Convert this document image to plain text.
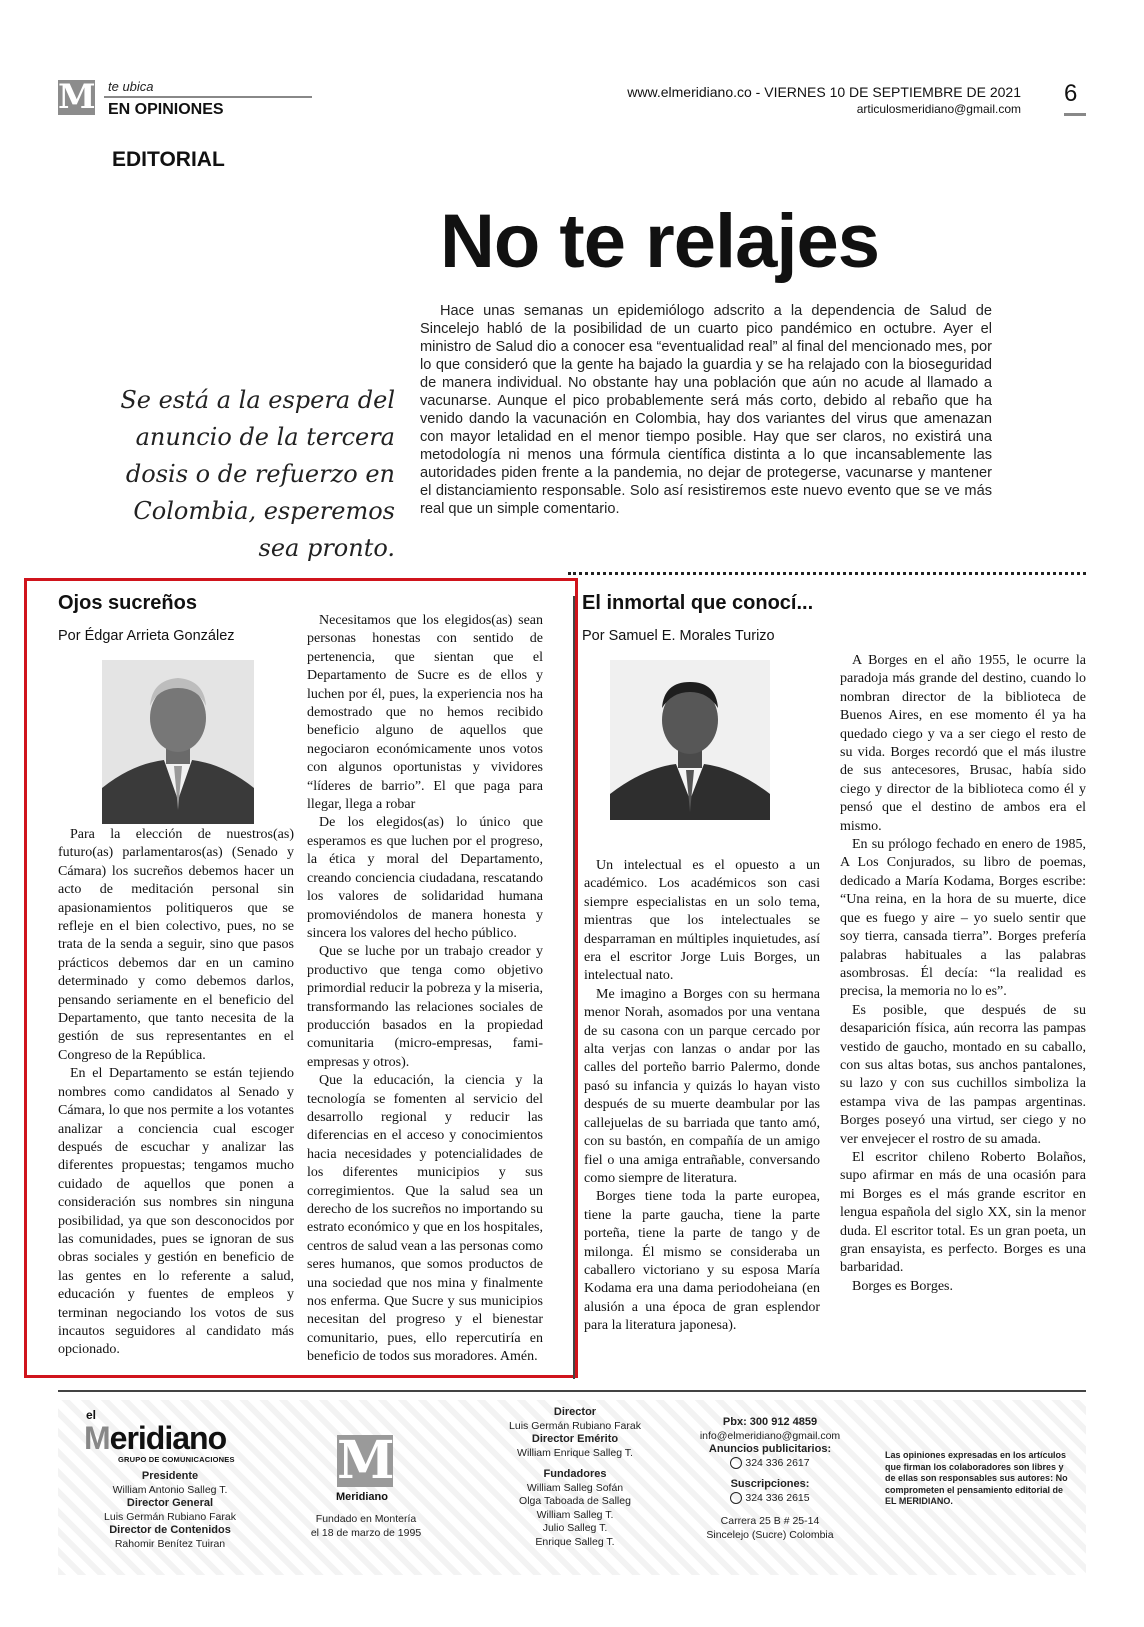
M te ubica
EN OPINIONES
www.elmeridiano.co - VIERNES 10 DE SEPTIEMBRE DE 2021
articulosmeridiano@gmail.com
6
EDITORIAL
No te relajes
Hace unas semanas un epidemiólogo adscrito a la dependencia de Salud de Sincelejo habló de la posibilidad de un cuarto pico pandémico en octubre. Ayer el ministro de Salud dio a conocer esa “eventualidad real” al final del mencionado mes, por lo que consideró que la gente ha bajado la guardia y se ha relajado con la bioseguridad de manera individual. No obstante hay una población que aún no acude al llamado a vacunarse. Aunque el pico probablemente será más corto, debido al rebaño que ha venido dando la vacunación en Colombia, hay dos variantes del virus que amenazan con mayor letalidad en el menor tiempo posible. Hay que ser claros, no existirá una metodología ni menos una fórmula científica distinta a lo que incansablemente las autoridades piden frente a la pandemia, no dejar de protegerse, vacunarse y mantener el distanciamiento responsable. Solo así resistiremos este nuevo evento que se ve más real que un simple comentario.
Se está a la espera del anuncio de la tercera dosis o de refuerzo en Colombia, esperemos sea pronto.
Ojos sucreños
Por Édgar Arrieta González

Para la elección de nuestros(as) futuro(as) parlamentaros(as) (Senado y Cámara) los sucreños debemos hacer un acto de meditación personal sin apasionamientos politiqueros que se refleje en el bien colectivo, pues, no se trata de la senda a seguir, sino que pasos prácticos debemos dar en un camino determinado y como debemos darlos, pensando seriamente en el beneficio del Departamento, que tanto necesita de la gestión de sus representantes en el Congreso de la República.

En el Departamento se están tejiendo nombres como candidatos al Senado y Cámara, lo que nos permite a los votantes analizar a conciencia cual escoger después de escuchar y analizar las diferentes propuestas; tengamos mucho cuidado de aquellos que ponen a consideración sus nombres sin ninguna posibilidad, ya que son desconocidos por las comunidades, pues se ignoran de sus obras sociales y gestión en beneficio de las gentes en lo referente a salud, educación y fuentes de empleos y terminan negociando los votos de sus incautos seguidores al candidato más opcionado.

Necesitamos que los elegidos(as) sean personas honestas con sentido de pertenencia, que sientan que el Departamento de Sucre es de ellos y luchen por él, pues, la experiencia nos ha demostrado que no hemos recibido beneficio alguno de aquellos que negociaron económicamente unos votos con algunos oportunistas y vividores “líderes de barrio”. El que paga para llegar, llega a robar

De los elegidos(as) lo único que esperamos es que luchen por el progreso, la ética y moral del Departamento, creando conciencia ciudadana, rescatando los valores de solidaridad humana promoviéndolos de manera honesta y sincera los valores del hecho público.

Que se luche por un trabajo creador y productivo que tenga como objetivo primordial reducir la pobreza y la miseria, transformando las relaciones sociales de producción basados en la propiedad comunitaria (micro-empresas, fami-empresas y otros).

Que la educación, la ciencia y la tecnología se fomenten al servicio del desarrollo regional y reducir las diferencias en el acceso y conocimientos hacia necesidades y potencialidades de los diferentes municipios y sus corregimientos. Que la salud sea un derecho de los sucreños no importando su estrato económico y que en los hospitales, centros de salud vean a las personas como seres humanos, que somos productos de una sociedad que nos mina y finalmente nos enferma. Que Sucre y sus municipios necesitan del progreso y el bienestar comunitario, pues, ello repercutiría en beneficio de todos sus moradores. Amén.

El inmortal que conocí...
Por Samuel E. Morales Turizo

Un intelectual es el opuesto a un académico. Los académicos son casi siempre especialistas en un solo tema, mientras que los intelectuales se desparraman en múltiples inquietudes, así era el escritor Jorge Luis Borges, un intelectual nato.

Me imagino a Borges con su hermana menor Norah, asomados por una ventana de su casona con un parque cercado por alta verjas con lanzas o andar por las calles del porteño barrio Palermo, donde pasó su infancia y quizás lo hayan visto después de su muerte deambular por las callejuelas de su barriada que tanto amó, con su bastón, en compañía de un amigo fiel o una amiga entrañable, conversando como siempre de literatura.

Borges tiene toda la parte europea, tiene la parte gaucha, tiene la parte porteña, tiene la parte de tango y de milonga. Él mismo se consideraba un caballero victoriano y su esposa María Kodama era una dama periodoheiana (en alusión a una época de gran esplendor para la literatura japonesa).

A Borges en el año 1955, le ocurre la paradoja más grande del destino, cuando lo nombran director de la biblioteca de Buenos Aires, en ese momento él ya ha quedado ciego y va a ser ciego el resto de su vida. Borges recordó que el más ilustre de sus antecesores, Brusac, había sido ciego y director de la biblioteca como él y pensó que el destino de ambos era el mismo.

En su prólogo fechado en enero de 1985, A Los Conjurados, su libro de poemas, dedicado a María Kodama, Borges escribe: “Una reina, en la hora de su muerte, dice que es fuego y aire – yo suelo sentir que soy tierra, cansada tierra”. Borges prefería palabras habituales a las palabras asombrosas. Él decía: “la realidad es precisa, la memoria no lo es”.

Es posible, que después de su desaparición física, aún recorra las pampas vestido de gaucho, montado en su caballo, con sus altas botas, sus anchos pantalones, su lazo y con sus cuchillos simboliza la estampa viva de las pampas argentinas. Borges poseyó una virtud, ser ciego y no ver envejecer el rostro de su amada.

El escritor chileno Roberto Bolaños, supo afirmar en más de una ocasión para mi Borges es el más grande escritor en lengua española del siglo XX, sin la menor duda. El escritor total. Es un gran poeta, un gran ensayista, es perfecto. Borges es una barbaridad.

Borges es Borges.

el
Meridiano
GRUPO DE COMUNICACIONES
Presidente
William Antonio Salleg T.
Director General
Luis Germán Rubiano Farak
Director de Contenidos
Rahomir Benítez Tuiran
M
Meridiano
Fundado en Montería
el 18 de marzo de 1995
Director
Luis Germán Rubiano Farak
Director Emérito
William Enrique Salleg T.

Fundadores
William Salleg Sofán
Olga Taboada de Salleg
William Salleg T.
Julio Salleg T.
Enrique Salleg T.
Pbx: 300 912 4859
info@elmeridiano@gmail.com
Anuncios publicitarios:
324 336 2617

Suscripciones:
324 336 2615

Carrera 25 B # 25-14
Sincelejo (Sucre) Colombia
Las opiniones expresadas en los artículos que firman los colaboradores son libres y de ellas son responsables sus autores: No comprometen el pensamiento editorial de EL MERIDIANO.
